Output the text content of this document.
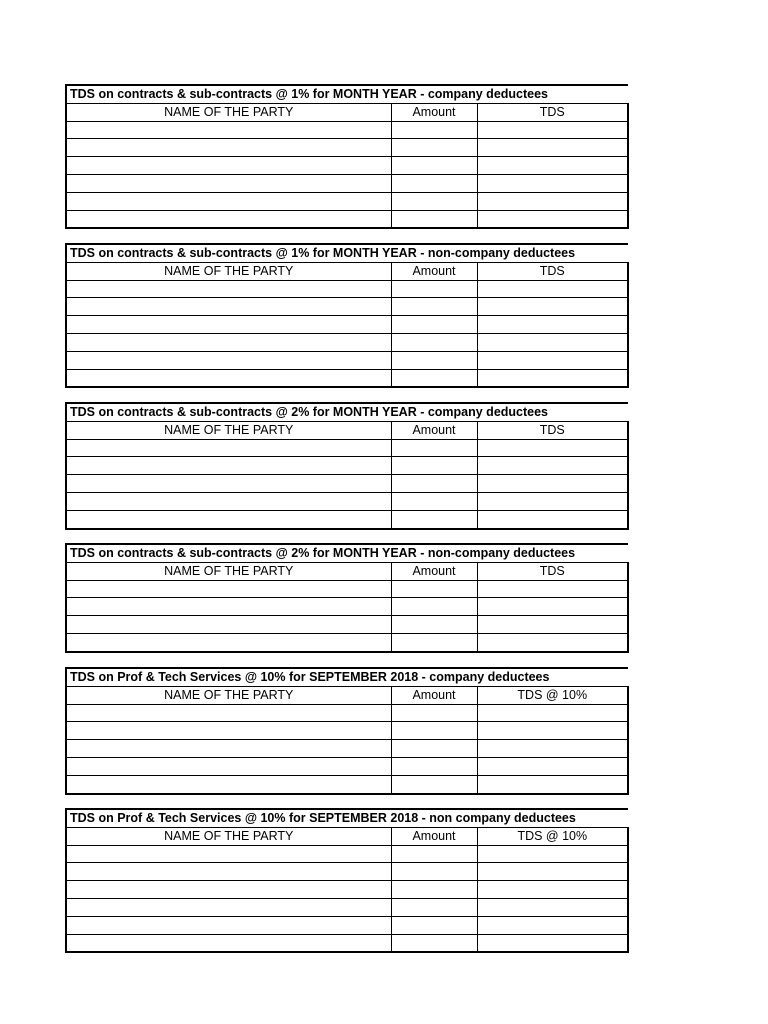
TDS on contracts & sub-contracts @ 1% for MONTH YEAR - company deductees		
NAME OF THE PARTY	Amount	TDS

TDS on contracts & sub-contracts @ 1% for MONTH YEAR - non-company deductees		
NAME OF THE PARTY	Amount	TDS

TDS on contracts & sub-contracts @ 2% for MONTH YEAR - company deductees		
NAME OF THE PARTY	Amount	TDS

TDS on contracts & sub-contracts @ 2% for MONTH YEAR - non-company deductees		
NAME OF THE PARTY	Amount	TDS

TDS on Prof & Tech Services @ 10% for SEPTEMBER 2018 - company deductees		
NAME OF THE PARTY	Amount	TDS @ 10%

TDS on Prof & Tech Services @ 10% for SEPTEMBER 2018 - non company deductees		
NAME OF THE PARTY	Amount	TDS @ 10%
